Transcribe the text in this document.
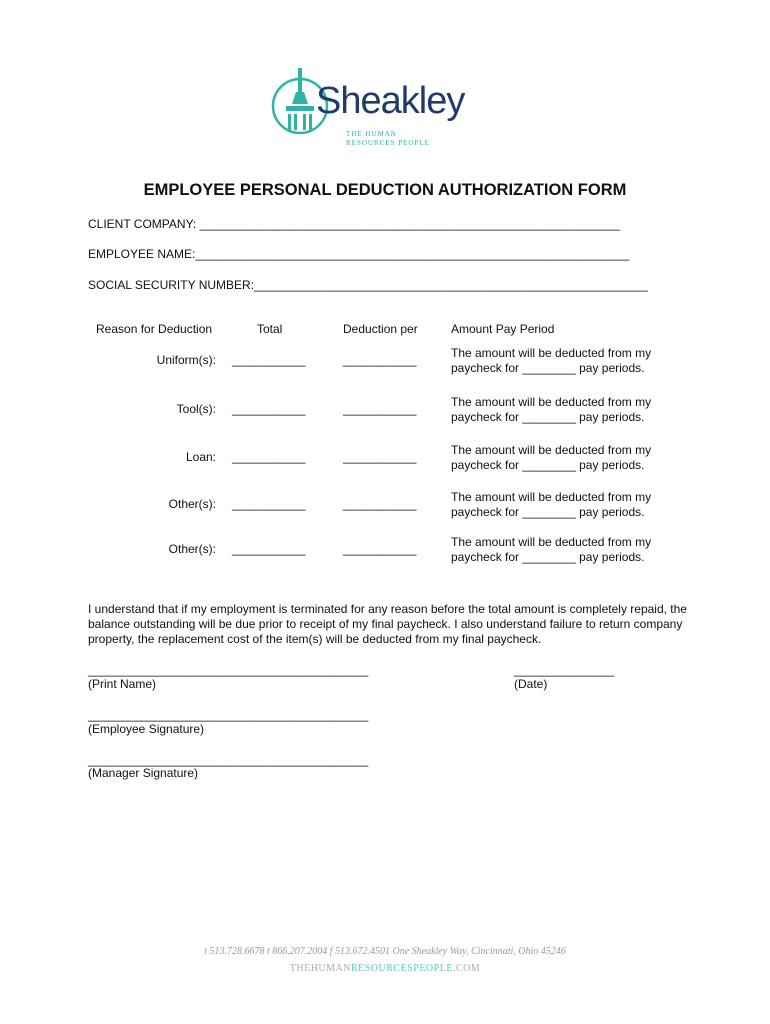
Sheakley
THE HUMAN RESOURCES PEOPLE
EMPLOYEE PERSONAL DEDUCTION AUTHORIZATION FORM
CLIENT COMPANY: _______________________________________________________________
EMPLOYEE NAME:_________________________________________________________________
SOCIAL SECURITY NUMBER:___________________________________________________________
Reason for Deduction	Total	Deduction per	Amount Pay Period
Uniform(s): ___________	___________	The amount will be deducted from my paycheck for ________ pay periods.
Tool(s): ___________	___________	The amount will be deducted from my paycheck for ________ pay periods.
Loan: ___________	___________	The amount will be deducted from my paycheck for ________ pay periods.
Other(s): ___________	___________	The amount will be deducted from my paycheck for ________ pay periods.
Other(s): ___________	___________	The amount will be deducted from my paycheck for ________ pay periods.
I understand that if my employment is terminated for any reason before the total amount is completely repaid, the balance outstanding will be due prior to receipt of my final paycheck. I also understand failure to return company property, the replacement cost of the item(s) will be deducted from my final paycheck.
__________________________________________
(Print Name)
_______________
(Date)
__________________________________________
(Employee Signature)
__________________________________________
(Manager Signature)
t 513.728.6678 t 866.207.2004 f 513.672.4501 One Sheakley Way, Cincinnati, Ohio 45246
THEHUMANRESOURCESPEOPLE.COM
